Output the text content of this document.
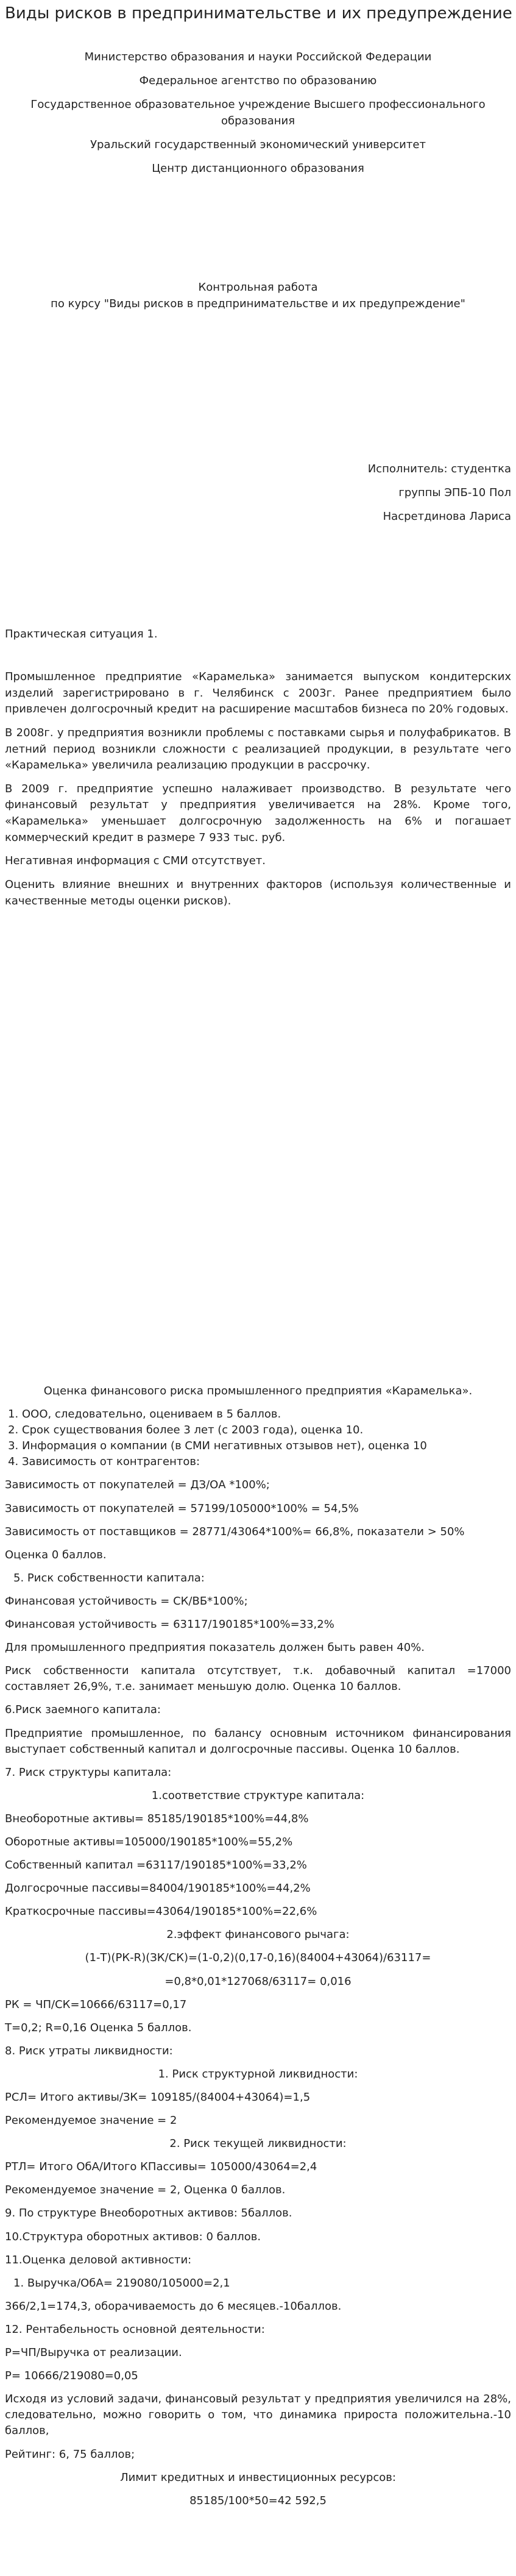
Виды рисков в предпринимательстве и их предупреждение

Министерство образования и науки Российской Федерации

Федеральное агентство по образованию

Государственное образовательное учреждение Высшего профессионального образования

Уральский государственный экономический университет

Центр дистанционного образования

Контрольная работа

по курсу "Виды рисков в предпринимательстве и их предупреждение"

Исполнитель: студентка

группы ЭПБ-10 Пол

Насретдинова Лариса

Практическая ситуация 1.

Промышленное предприятие «Карамелька» занимается выпуском кондитерских изделий зарегистрировано в г. Челябинск с 2003г. Ранее предприятием было привлечен долгосрочный кредит на расширение масштабов бизнеса по 20% годовых.

В 2008г. у предприятия возникли проблемы с поставками сырья и полуфабрикатов. В летний период возникли сложности с реализацией продукции, в результате чего «Карамелька» увеличила реализацию продукции в рассрочку.

В 2009 г. предприятие успешно налаживает производство. В результате чего финансовый результат у предприятия увеличивается на 28%. Кроме того, «Карамелька» уменьшает долгосрочную задолженность на 6% и погашает коммерческий кредит в размере 7 933 тыс. руб.

Негативная информация с СМИ отсутствует.

Оценить влияние внешних и внутренних факторов (используя количественные и качественные методы оценки рисков).

Оценка финансового риска промышленного предприятия «Карамелька».

1. ООО, следовательно, оцениваем в 5 баллов.
2. Срок существования более 3 лет (с 2003 года), оценка 10.
3. Информация о компании (в СМИ негативных отзывов нет), оценка 10
4. Зависимость от контрагентов:

Зависимость от покупателей = ДЗ/ОА *100%;

Зависимость от покупателей = 57199/105000*100% = 54,5%

Зависимость от поставщиков = 28771/43064*100%= 66,8%, показатели > 50%

Оценка 0 баллов.

5. Риск собственности капитала:

Финансовая устойчивость = СК/ВБ*100%;

Финансовая устойчивость = 63117/190185*100%=33,2%

Для промышленного предприятия показатель должен быть равен 40%.

Риск собственности капитала отсутствует, т.к. добавочный капитал =17000 составляет 26,9%, т.е. занимает меньшую долю. Оценка 10 баллов.

6.Риск заемного капитала:

Предприятие промышленное, по балансу основным источником финансирования выступает собственный капитал и долгосрочные пассивы. Оценка 10 баллов.

7. Риск структуры капитала:

1.соответствие структуре капитала:

Внеоборотные активы= 85185/190185*100%=44,8%

Оборотные активы=105000/190185*100%=55,2%

Собственный капитал =63117/190185*100%=33,2%

Долгосрочные пассивы=84004/190185*100%=44,2%

Краткосрочные пассивы=43064/190185*100%=22,6%

2.эффект финансового рычага:

(1-Т)(РК-R)(ЗК/СК)=(1-0,2)(0,17-0,16)(84004+43064)/63117=

=0,8*0,01*127068/63117= 0,016

РК = ЧП/СК=10666/63117=0,17

Т=0,2; R=0,16 Оценка 5 баллов.

8. Риск утраты ликвидности:

1. Риск структурной ликвидности:

РСЛ= Итого активы/ЗК= 109185/(84004+43064)=1,5

Рекомендуемое значение = 2

2. Риск текущей ликвидности:

РТЛ= Итого ОбА/Итого КПассивы= 105000/43064=2,4

Рекомендуемое значение = 2, Оценка 0 баллов.

9. По структуре Внеоборотных активов: 5баллов.

10.Структура оборотных активов: 0 баллов.

11.Оценка деловой активности:

1. Выручка/ОбА= 219080/105000=2,1

366/2,1=174,3, оборачиваемость до 6 месяцев.-10баллов.

12. Рентабельность основной деятельности:

Р=ЧП/Выручка от реализации.

Р= 10666/219080=0,05

Исходя из условий задачи, финансовый результат у предприятия увеличился на 28%, следовательно, можно говорить о том, что динамика прироста положительна.-10 баллов,

Рейтинг: 6, 75 баллов;

Лимит кредитных и инвестиционных ресурсов:

85185/100*50=42 592,5
